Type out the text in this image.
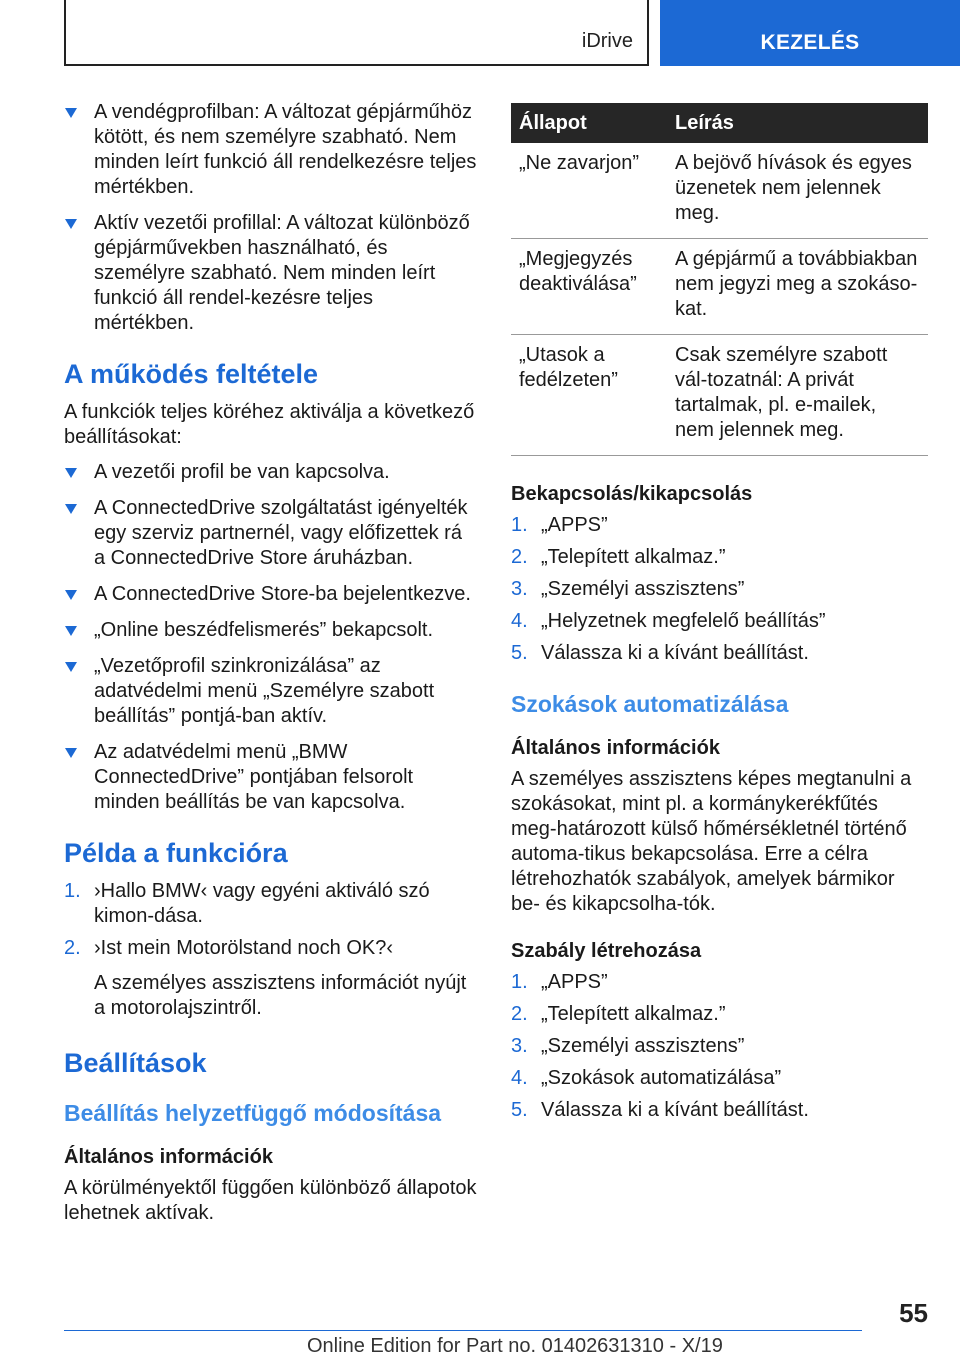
iDrive	KEZELÉS
A vendégprofilban: A változat gépjárműhöz kötött, és nem személyre szabható. Nem minden leírt funkció áll rendelkezésre teljes mértékben.
Aktív vezetői profillal: A változat különböző gépjárművekben használható, és személyre szabható. Nem minden leírt funkció áll rendel-kezésre teljes mértékben.
A működés feltétele

A funkciók teljes köréhez aktiválja a következő beállításokat:

A vezetői profil be van kapcsolva.
A ConnectedDrive szolgáltatást igényelték egy szerviz partnernél, vagy előfizettek rá a ConnectedDrive Store áruházban.
A ConnectedDrive Store-ba bejelentkezve.
„Online beszédfelismerés” bekapcsolt.
„Vezetőprofil szinkronizálása” az adatvédelmi menü „Személyre szabott beállítás” pontjá-ban aktív.
Az adatvédelmi menü „BMW ConnectedDrive” pontjában felsorolt minden beállítás be van kapcsolva.
Példa a funkcióra
1. ›Hallo BMW‹ vagy egyéni aktiváló szó kimon-dása.
2. ›Ist mein Motorölstand noch OK?‹
A személyes asszisztens információt nyújt a motorolajszintről.
Beállítások
Beállítás helyzetfüggő módosítása
Általános információk

A körülményektől függően különböző állapotok lehetnek aktívak.

Állapot	Leírás
„Ne zavarjon”	A bejövő hívások és egyes üzenetek nem jelennek meg.
„Megjegyzés deaktiválása”	A gépjármű a továbbiakban nem jegyzi meg a szokáso-kat.
„Utasok a fedélzeten”	Csak személyre szabott vál-tozatnál: A privát tartalmak, pl. e-mailek, nem jelennek meg.
Bekapcsolás/kikapcsolás
1. „APPS”
2. „Telepített alkalmaz.”
3. „Személyi asszisztens”
4. „Helyzetnek megfelelő beállítás”
5. Válassza ki a kívánt beállítást.
Szokások automatizálása
Általános információk

A személyes asszisztens képes megtanulni a szokásokat, mint pl. a kormánykerékfűtés meg-határozott külső hőmérsékletnél történő automa-tikus bekapcsolása. Erre a célra létrehozhatók szabályok, amelyek bármikor be- és kikapcsolha-tók.

Szabály létrehozása
1. „APPS”
2. „Telepített alkalmaz.”
3. „Személyi asszisztens”
4. „Szokások automatizálása”
5. Válassza ki a kívánt beállítást.
55
Online Edition for Part no. 01402631310 - X/19
